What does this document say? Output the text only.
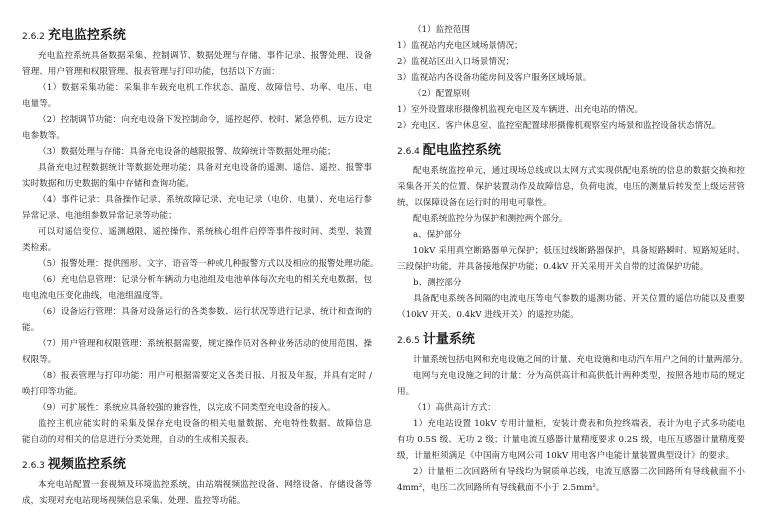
2.6.2 充电监控系统
充电监控系统具备数据采集、控制调节、数据处理与存储、事件记录、报警处理、设备
管理、用户管理和权限管理、报表管理与打印功能，包括以下方面：
（1）数据采集功能：采集非车载充电机工作状态、温度、故障信号、功率、电压、电
电量等。
（2）控制调节功能：向充电设备下发控制命令，遥控起停、校时、紧急停机、远方设定
电参数等。
（3）数据处理与存储：具备充电设备的越限报警、故障统计等数据处理功能；
具备充电过程数据统计等数据处理功能；具备对充电设备的遥测、遥信、遥控、报警事
实时数据和历史数据的集中存储和查询功能。
（4）事件记录：具备操作记录、系统故障记录、充电记录（电价、电量）、充电运行参
异常记录、电池组参数异常记录等功能；
可以对遥信变位、遥测越限、遥控操作、系统核心组件启停等事件按时间、类型、装置
类检索。
（5）报警处理：提供图形、文字、语音等一种或几种报警方式以及相应的报警处理功能。
（6）充电信息管理：记录分析车辆动力电池组及电池单体每次充电的相关充电数据，包
电电流电压变化曲线，电池组温度等。
（6）设备运行管理：具备对设备运行的各类参数、运行状况等进行记录、统计和查询的
能。
（7）用户管理和权限管理：系统根据需要，规定操作员对各种业务活动的使用范围、操
权限等。
（8）报表管理与打印功能：用户可根据需要定义各类日报、月报及年报，并具有定时 /
唤打印等功能。
（9）可扩展性：系统应具备较强的兼容性，以完成不同类型充电设备的接入。
监控主机应能实时的采集及保存充电设备的相关电量数据、充电特性数据、故障信息
能自动的对相关的信息进行分类处理，自动的生成相关报表。
2.6.3 视频监控系统
本充电站配置一套视频及环境监控系统，由站端视频监控设备、网络设备、存储设备等
成，实现对充电站现场视频信息采集、处理、监控等功能。
（1）监控范围
1）监视站内充电区域场景情况；
2）监视站区出入口场景情况；
3）监视站内各设备功能房间及客户服务区域场景。
（2）配置原则
1）室外设置球形摄像机监视充电区及车辆进、出充电站的情况。
2）充电区、客户休息室、监控室配置球形摄像机观察室内场景和监控设备状态情况。
2.6.4 配电监控系统
配电系统监控单元，通过现场总线或以太网方式实现供配电系统的信息的数据交换和控
采集各开关的位置、保护装置动作及故障信息，负荷电流，电压的测量后转发至上级运营管
统，以保障设备在运行时的用电可靠性。
配电系统监控分为保护和测控两个部分。
a、保护部分
10kV 采用真空断路器单元保护；低压过线断路器保护，具备短路瞬时、短路短延时、
三段保护功能，并具备接地保护功能；0.4kV 开关采用开关自带的过流保护功能。
b、测控部分
具备配电系统各间隔的电流电压等电气参数的遥测功能、开关位置的遥信功能以及重要
（10kV 开关、0.4kV 进线开关）的遥控功能。
2.6.5 计量系统
计量系统包括电网和充电设施之间的计量、充电设施和电动汽车用户之间的计量两部分。
电网与充电设施之间的计量：分为高供高计和高供低计两种类型，按照各地市局的规定
用。
（1）高供高计方式：
1）充电站设置 10kV 专用计量柜，安装计费表和负控终端表，表计为电子式多功能电
有功 0.5S 级、无功 2 级；计量电流互感器计量精度要求 0.2S 级，电压互感器计量精度要
级，计量柜须满足《中国南方电网公司 10kV 用电客户电能计量装置典型设计》的要求。
2）计量柜二次回路所有导线均为铜质单芯线，电流互感器二次回路所有导线截面不小
4mm²，电压二次回路所有导线截面不小于 2.5mm²。
